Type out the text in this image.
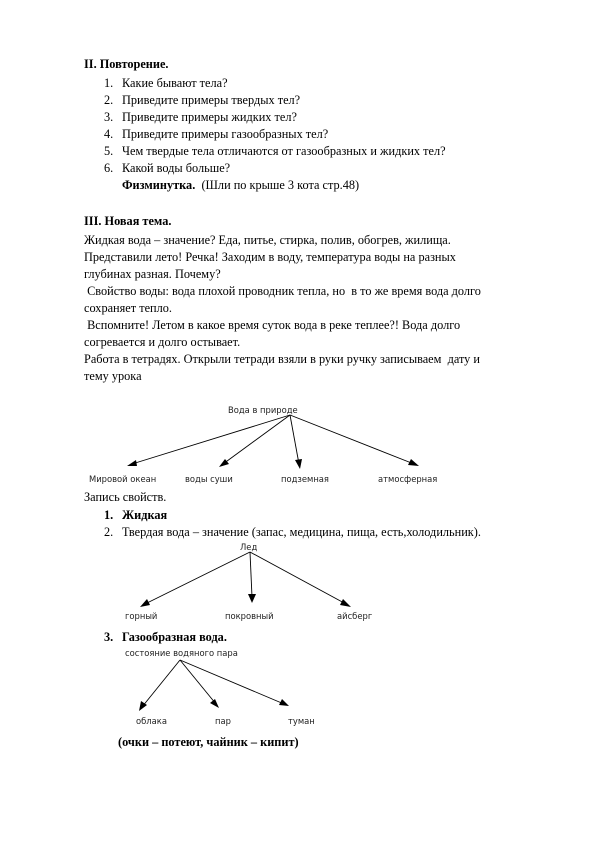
II. Повторение.
1. Какие бывают тела?
2. Приведите примеры твердых тел?
3. Приведите примеры жидких тел?
4. Приведите примеры газообразных тел?
5. Чем твердые тела отличаются от газообразных и жидких тел?
6. Какой воды больше?
Физминутка. (Шли по крыше 3 кота стр.48)
III. Новая тема.
Жидкая вода – значение? Еда, питье, стирка, полив, обогрев, жилища.
Представили лето! Речка! Заходим в воду, температура воды на разных
глубинах разная. Почему?
Свойство воды: вода плохой проводник тепла, но  в то же время вода долго
сохраняет тепло.
Вспомните! Летом в какое время суток вода в реке теплее?! Вода долго
согревается и долго остывает.
Работа в тетрадях. Открыли тетради взяли в руки ручку записываем  дату и
тему урока
Вода в природе
Мировой океан	воды суши	подземная	атмосферная
Запись свойств.
1. Жидкая
2. Твердая вода – значение (запас, медицина, пища, есть,холодильник).
Лед
горный	покровный	айсберг
3. Газообразная вода.
состояние водяного пара
облака	пар	туман
(очки – потеют, чайник – кипит)
